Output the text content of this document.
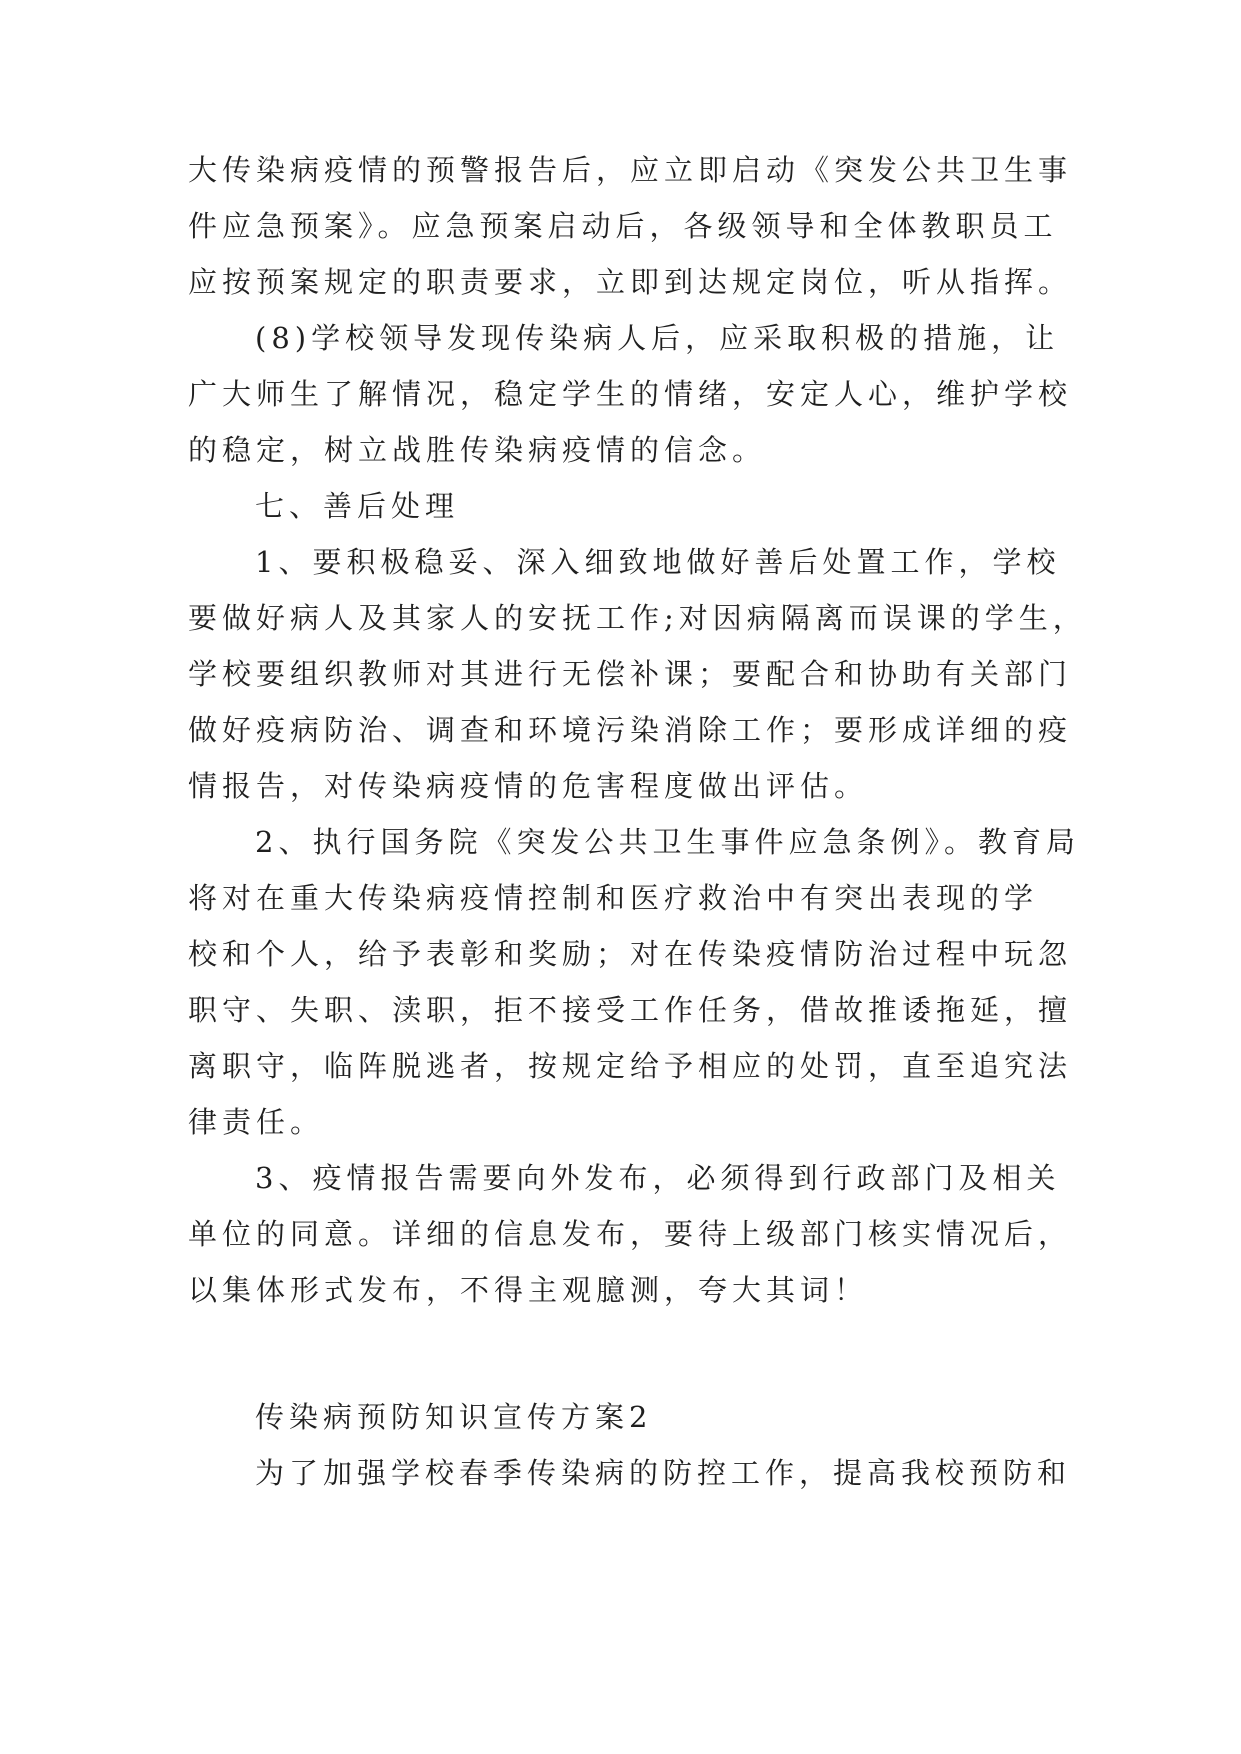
大传染病疫情的预警报告后，应立即启动《突发公共卫生事
件应急预案》。应急预案启动后，各级领导和全体教职员工
应按预案规定的职责要求，立即到达规定岗位，听从指挥。
(8)学校领导发现传染病人后，应采取积极的措施，让
广大师生了解情况，稳定学生的情绪，安定人心，维护学校
的稳定，树立战胜传染病疫情的信念。
七、善后处理
1、要积极稳妥、深入细致地做好善后处置工作，学校
要做好病人及其家人的安抚工作;对因病隔离而误课的学生，
学校要组织教师对其进行无偿补课；要配合和协助有关部门
做好疫病防治、调查和环境污染消除工作；要形成详细的疫
情报告，对传染病疫情的危害程度做出评估。
2、执行国务院《突发公共卫生事件应急条例》。教育局
将对在重大传染病疫情控制和医疗救治中有突出表现的学
校和个人，给予表彰和奖励；对在传染疫情防治过程中玩忽
职守、失职、渎职，拒不接受工作任务，借故推诿拖延，擅
离职守，临阵脱逃者，按规定给予相应的处罚，直至追究法
律责任。
3、疫情报告需要向外发布，必须得到行政部门及相关
单位的同意。详细的信息发布，要待上级部门核实情况后，
以集体形式发布，不得主观臆测，夸大其词！
传染病预防知识宣传方案2
为了加强学校春季传染病的防控工作，提高我校预防和
